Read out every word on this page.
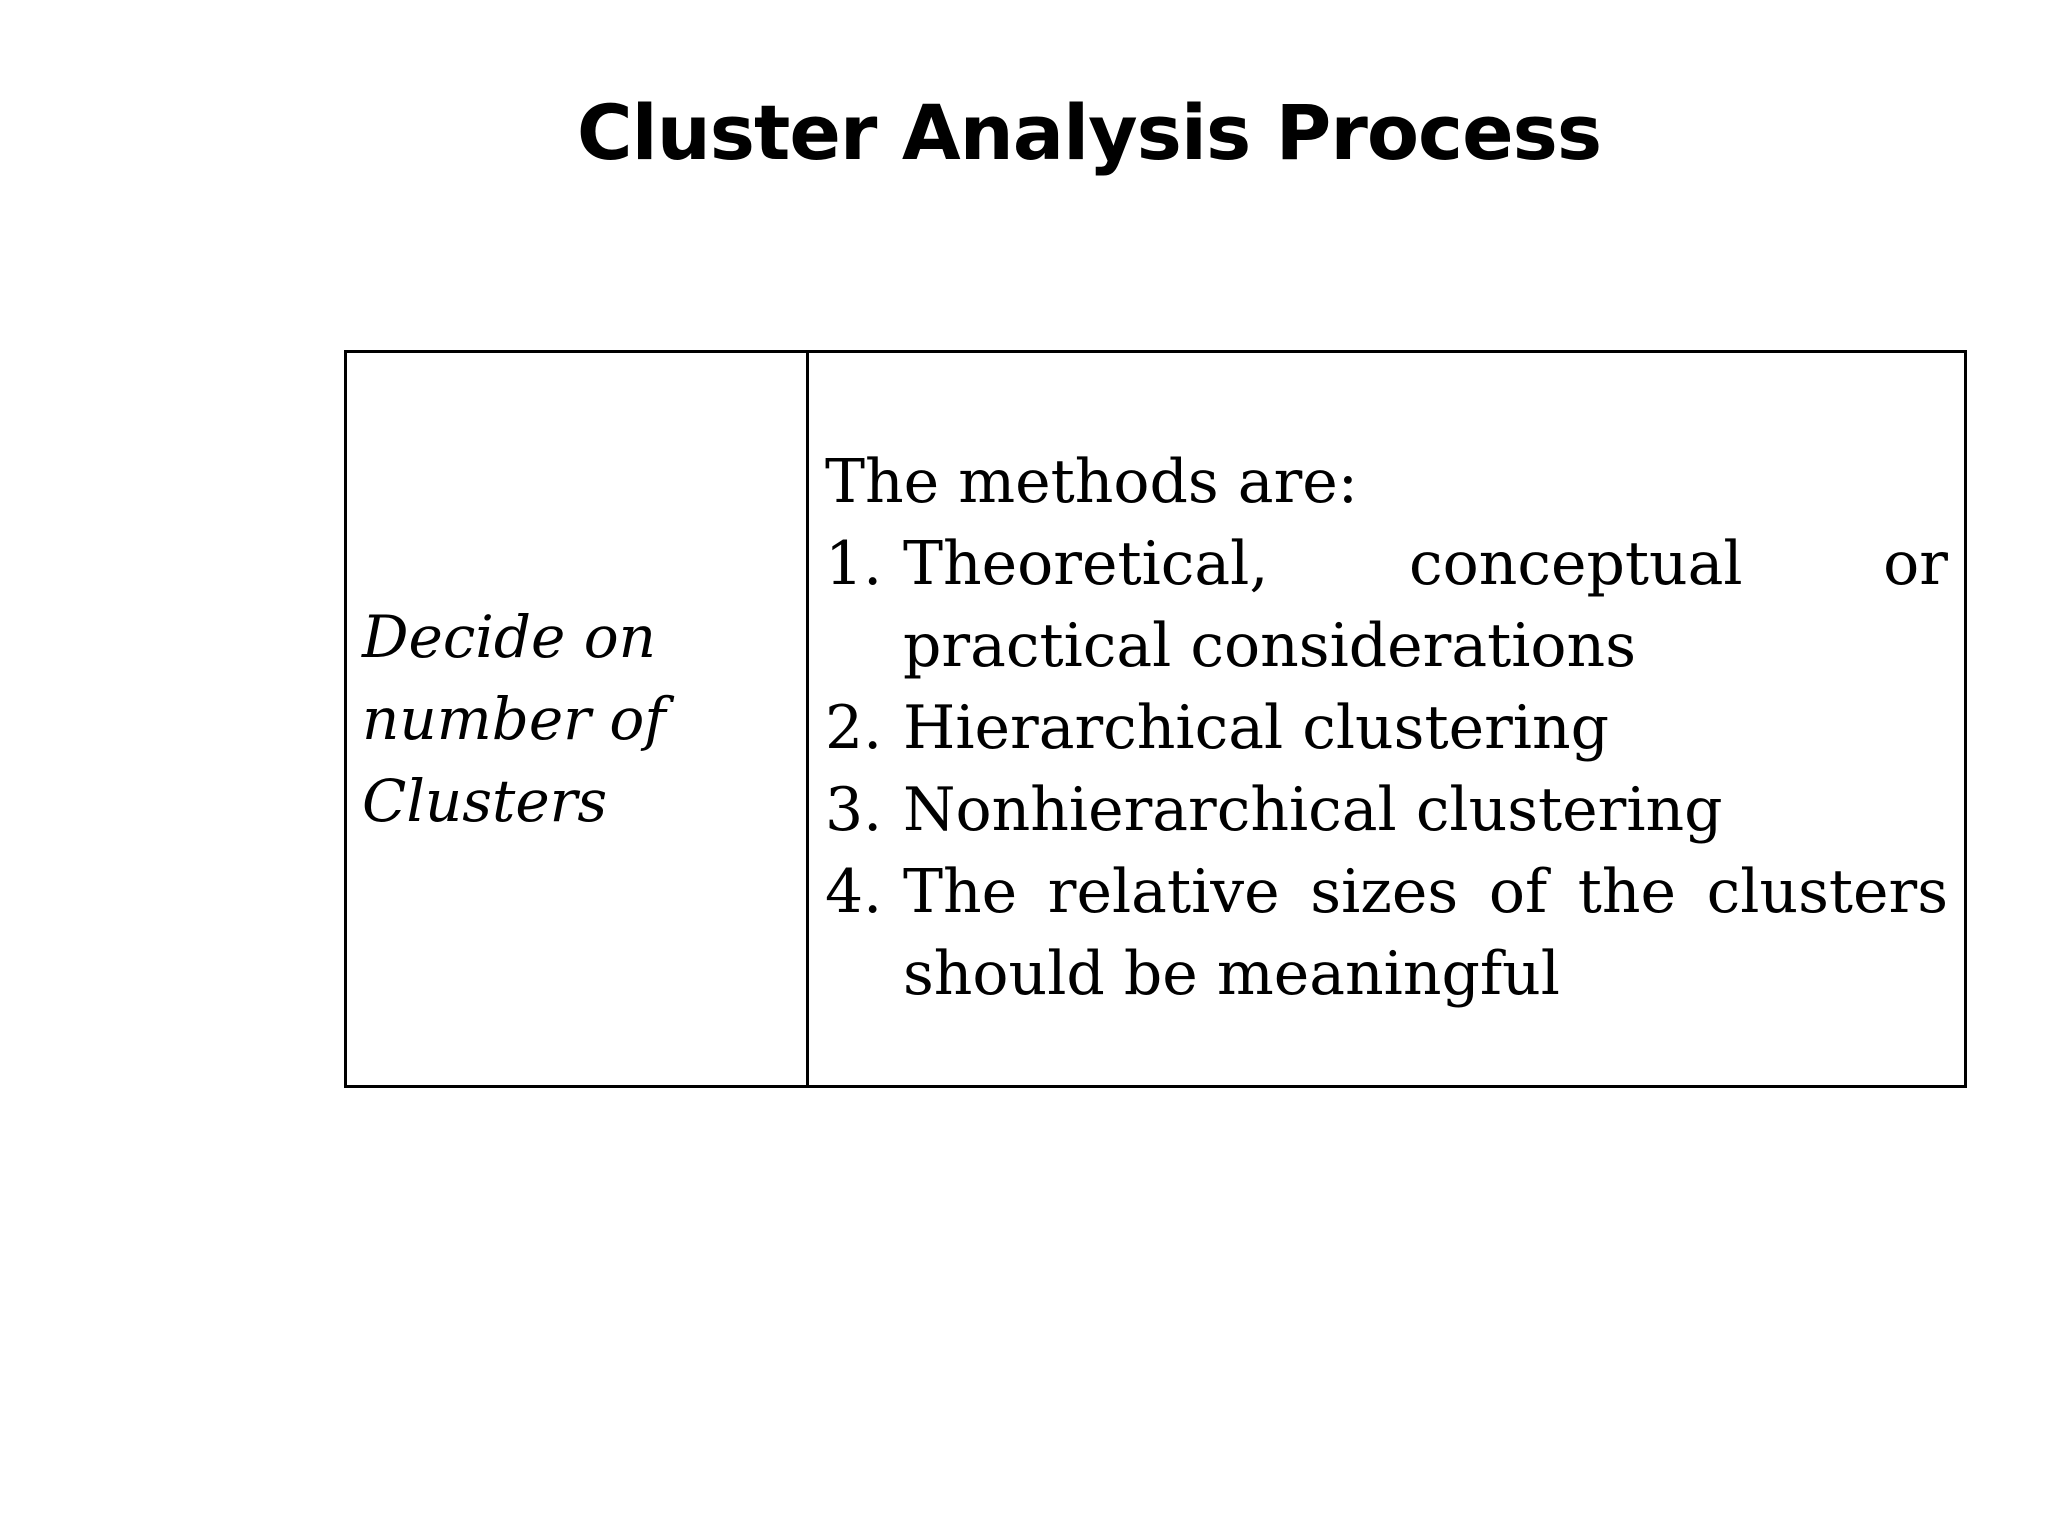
Cluster Analysis Process
Decide on number of Clusters
The methods are:
1. Theoretical, conceptual or practical considerations
2. Hierarchical clustering
3. Nonhierarchical clustering
4. The relative sizes of the clusters should be meaningful
